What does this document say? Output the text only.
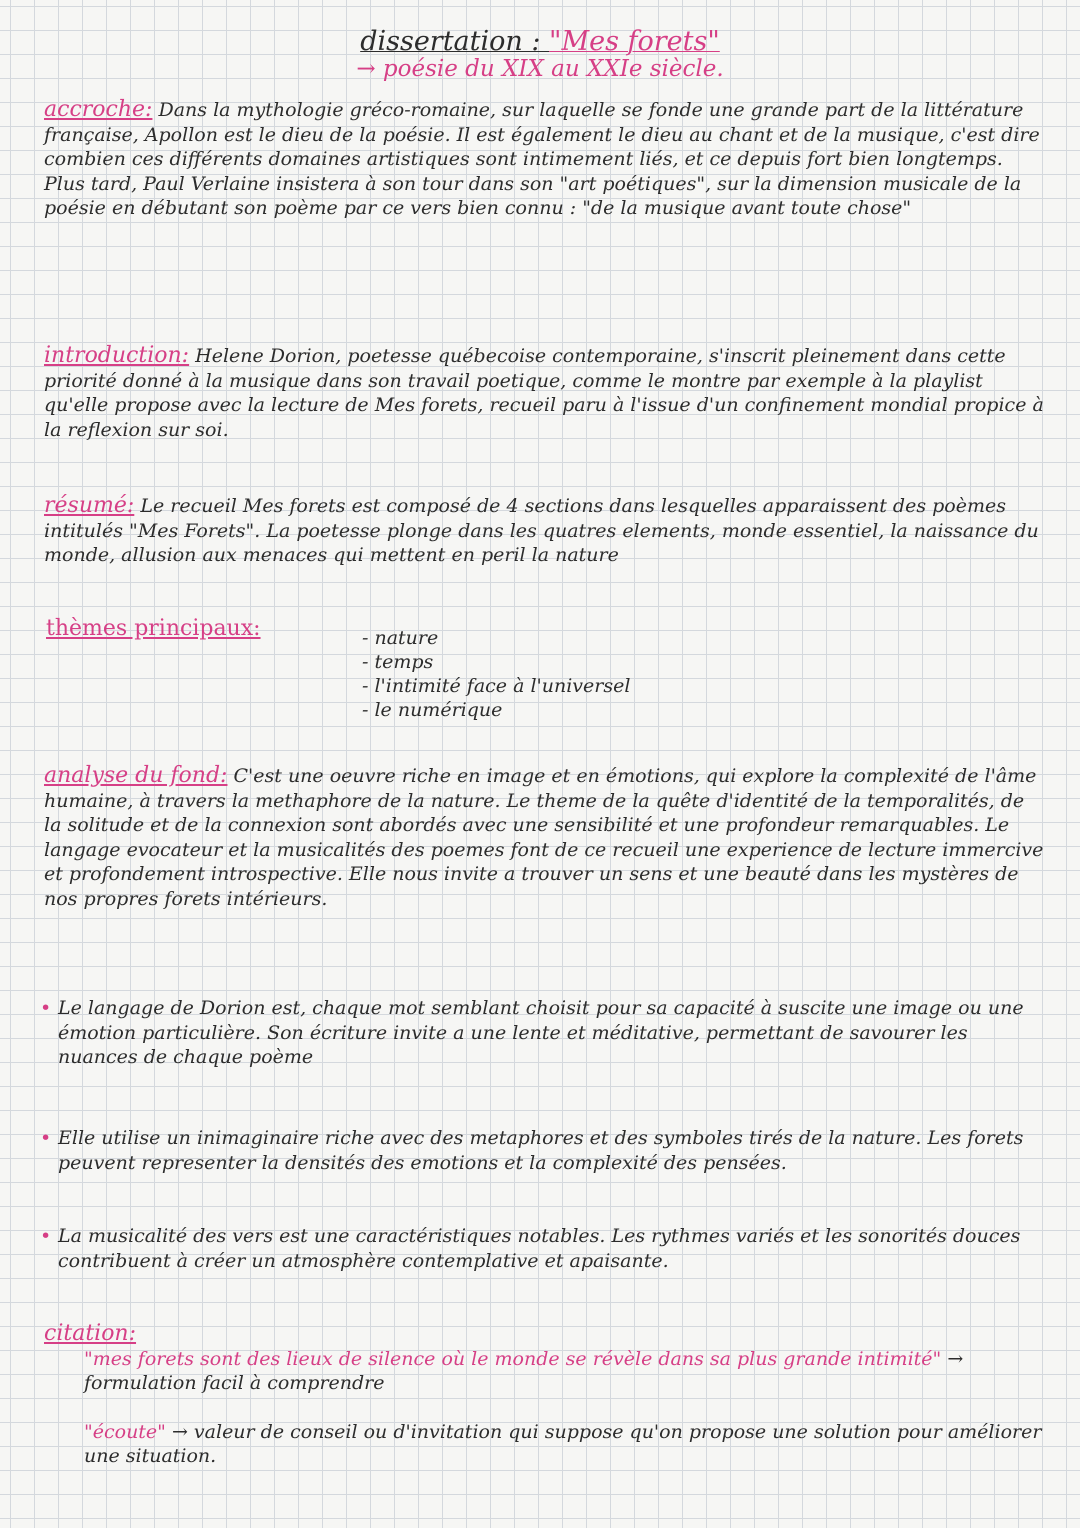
dissertation : "Mes forets"
→ poésie du XIX au XXIe siècle.
accroche: Dans la mythologie gréco-romaine, sur laquelle se fonde une grande part de la littérature française, Apollon est le dieu de la poésie. Il est également le dieu au chant et de la musique, c'est dire combien ces différents domaines artistiques sont intimement liés, et ce depuis fort bien longtemps. Plus tard, Paul Verlaine insistera à son tour dans son "art poétiques", sur la dimension musicale de la poésie en débutant son poème par ce vers bien connu : "de la musique avant toute chose"
introduction: Helene Dorion, poetesse québecoise contemporaine, s'inscrit pleinement dans cette priorité donné à la musique dans son travail poetique, comme le montre par exemple à la playlist qu'elle propose avec la lecture de Mes forets, recueil paru à l'issue d'un confinement mondial propice à la reflexion sur soi.
résumé: Le recueil Mes forets est composé de 4 sections dans lesquelles apparaissent des poèmes intitulés "Mes Forets". La poetesse plonge dans les quatres elements, monde essentiel, la naissance du monde, allusion aux menaces qui mettent en peril la nature
thèmes principaux:
-	nature
- temps
- l'intimité face à l'universel
- le numérique
analyse du fond: C'est une oeuvre riche en image et en émotions, qui explore la complexité de l'âme humaine, à travers la methaphore de la nature. Le theme de la quête d'identité de la temporalités, de la solitude et de la connexion sont abordés avec une sensibilité et une profondeur remarquables. Le langage evocateur et la musicalités des poemes font de ce recueil une experience de lecture immercive et profondement introspective. Elle nous invite a trouver un sens et une beauté dans les mystères de nos propres forets intérieurs.
• Le langage de Dorion est, chaque mot semblant choisit pour sa capacité à suscite une image ou une émotion particulière. Son écriture invite a une lente et méditative, permettant de savourer les nuances de chaque poème
• Elle utilise un inimaginaire riche avec des metaphores et des symboles tirés de la nature. Les forets peuvent representer la densités des emotions et la complexité des pensées.
• La musicalité des vers est une caractéristiques notables. Les rythmes variés et les sonorités douces contribuent à créer un atmosphère contemplative et apaisante.
citation:
"mes forets sont des lieux de silence où le monde se révèle dans sa plus grande intimité" → formulation facil à comprendre
"écoute" → valeur de conseil ou d'invitation qui suppose qu'on propose une solution pour améliorer une situation.
